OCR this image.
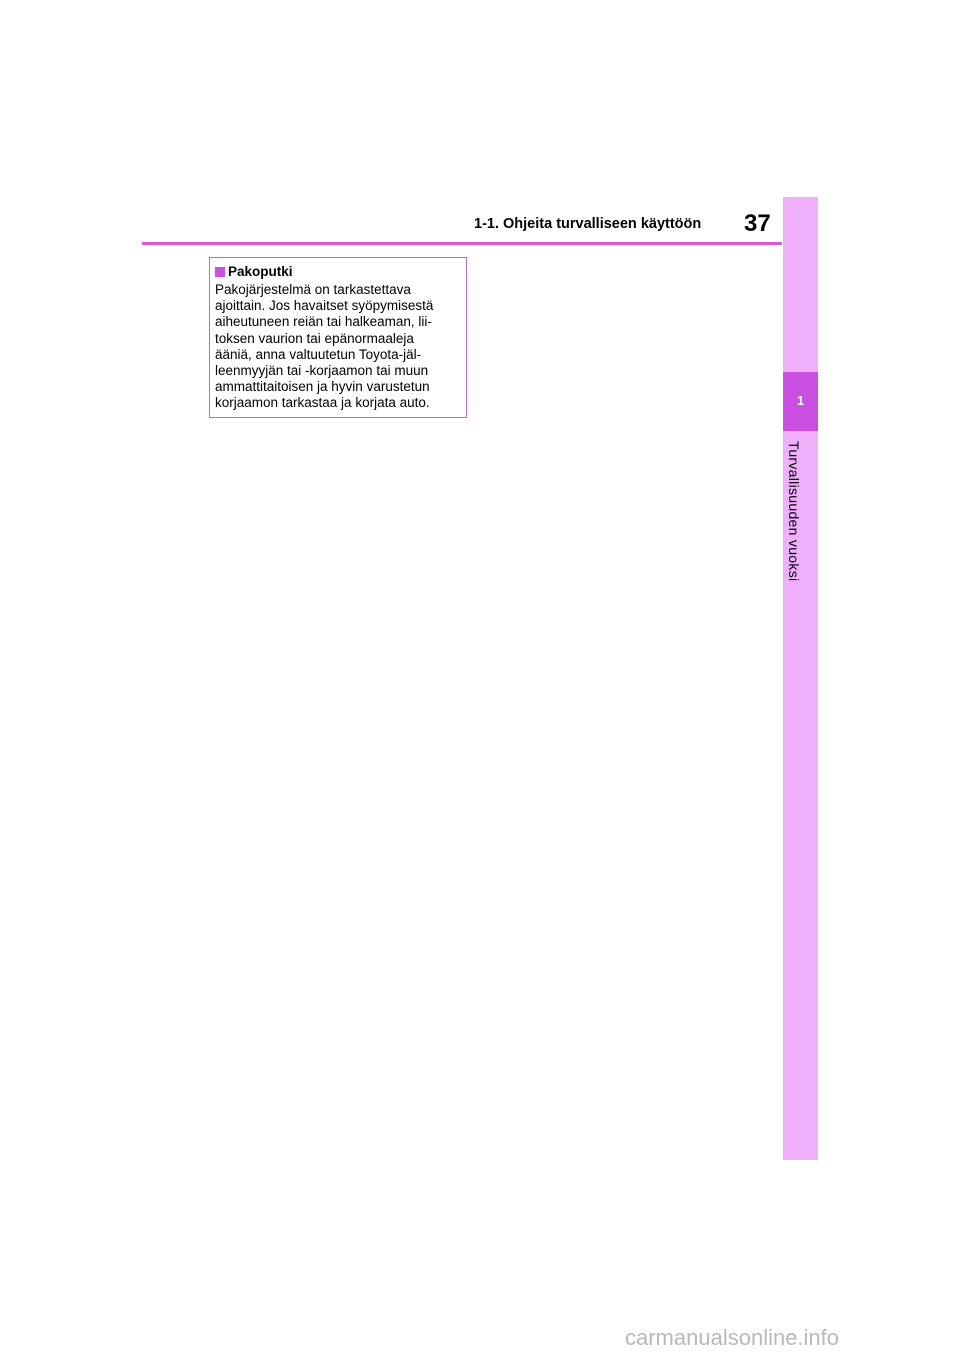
1-1. Ohjeita turvalliseen käyttöön 37
1
Turvallisuuden vuoksi
Pakoputki
Pakojärjestelmä on tarkastettava
ajoittain. Jos havaitset syöpymisestä
aiheutuneen reiän tai halkeaman, lii-
toksen vaurion tai epänormaaleja
ääniä, anna valtuutetun Toyota-jäl-
leenmyyjän tai -korjaamon tai muun
ammattitaitoisen ja hyvin varustetun
korjaamon tarkastaa ja korjata auto.
carmanualsonline.info
